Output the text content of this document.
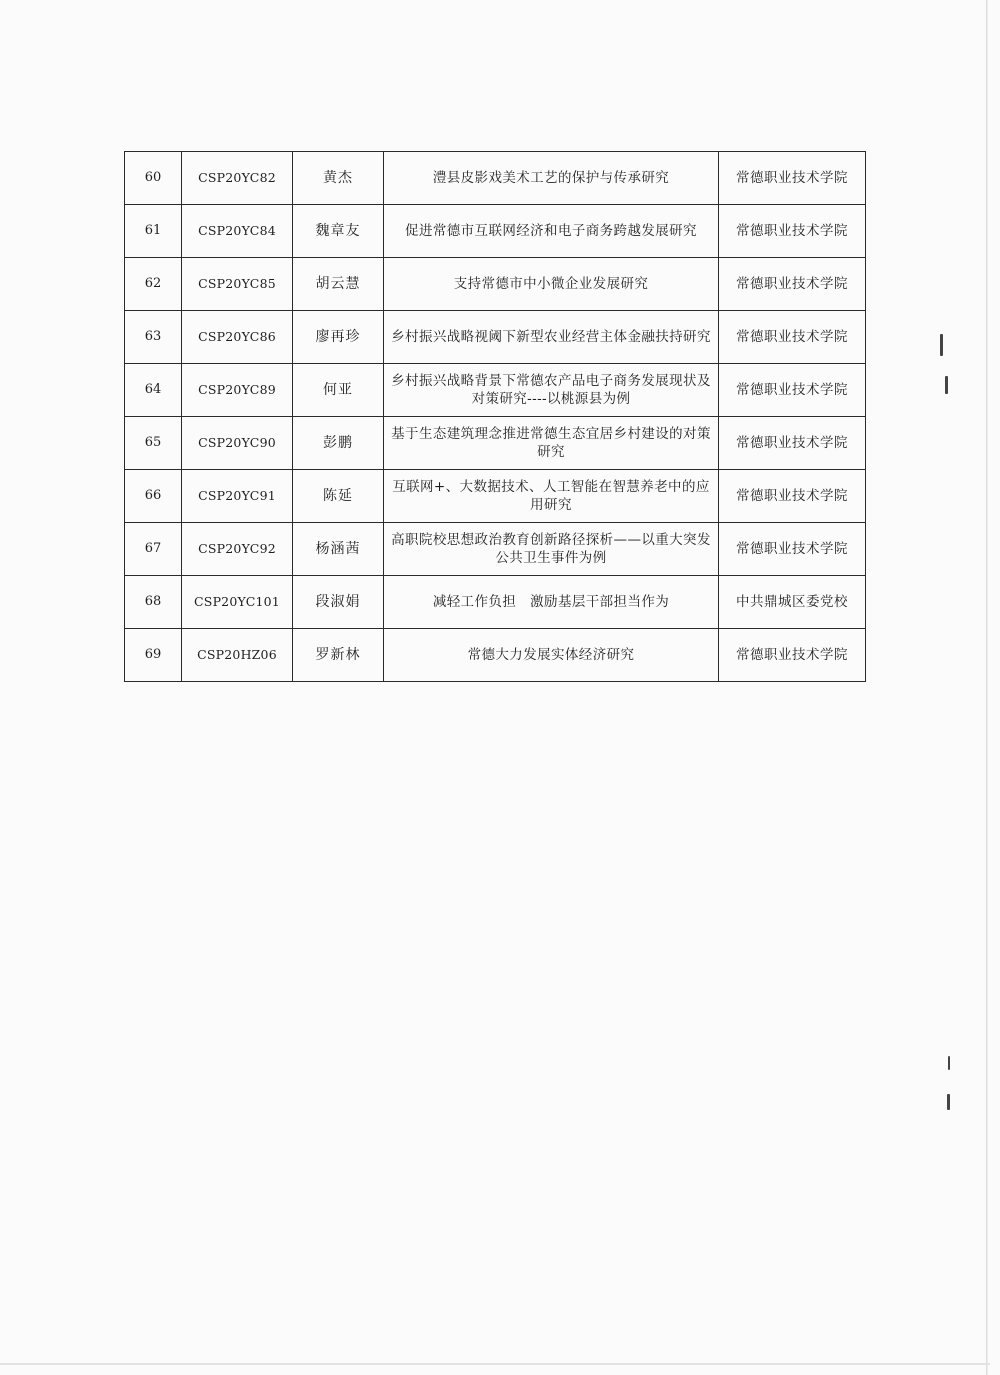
60	CSP20YC82	黄杰	澧县皮影戏美术工艺的保护与传承研究	常德职业技术学院
61	CSP20YC84	魏章友	促进常德市互联网经济和电子商务跨越发展研究	常德职业技术学院
62	CSP20YC85	胡云慧	支持常德市中小微企业发展研究	常德职业技术学院
63	CSP20YC86	廖再珍	乡村振兴战略视阈下新型农业经营主体金融扶持研究	常德职业技术学院
64	CSP20YC89	何亚	乡村振兴战略背景下常德农产品电子商务发展现状及对策研究----以桃源县为例	常德职业技术学院
65	CSP20YC90	彭鹏	基于生态建筑理念推进常德生态宜居乡村建设的对策研究	常德职业技术学院
66	CSP20YC91	陈延	互联网+、大数据技术、人工智能在智慧养老中的应用研究	常德职业技术学院
67	CSP20YC92	杨涵茜	高职院校思想政治教育创新路径探析——以重大突发公共卫生事件为例	常德职业技术学院
68	CSP20YC101	段淑娟	减轻工作负担　激励基层干部担当作为	中共鼎城区委党校
69	CSP20HZ06	罗新林	常德大力发展实体经济研究	常德职业技术学院
